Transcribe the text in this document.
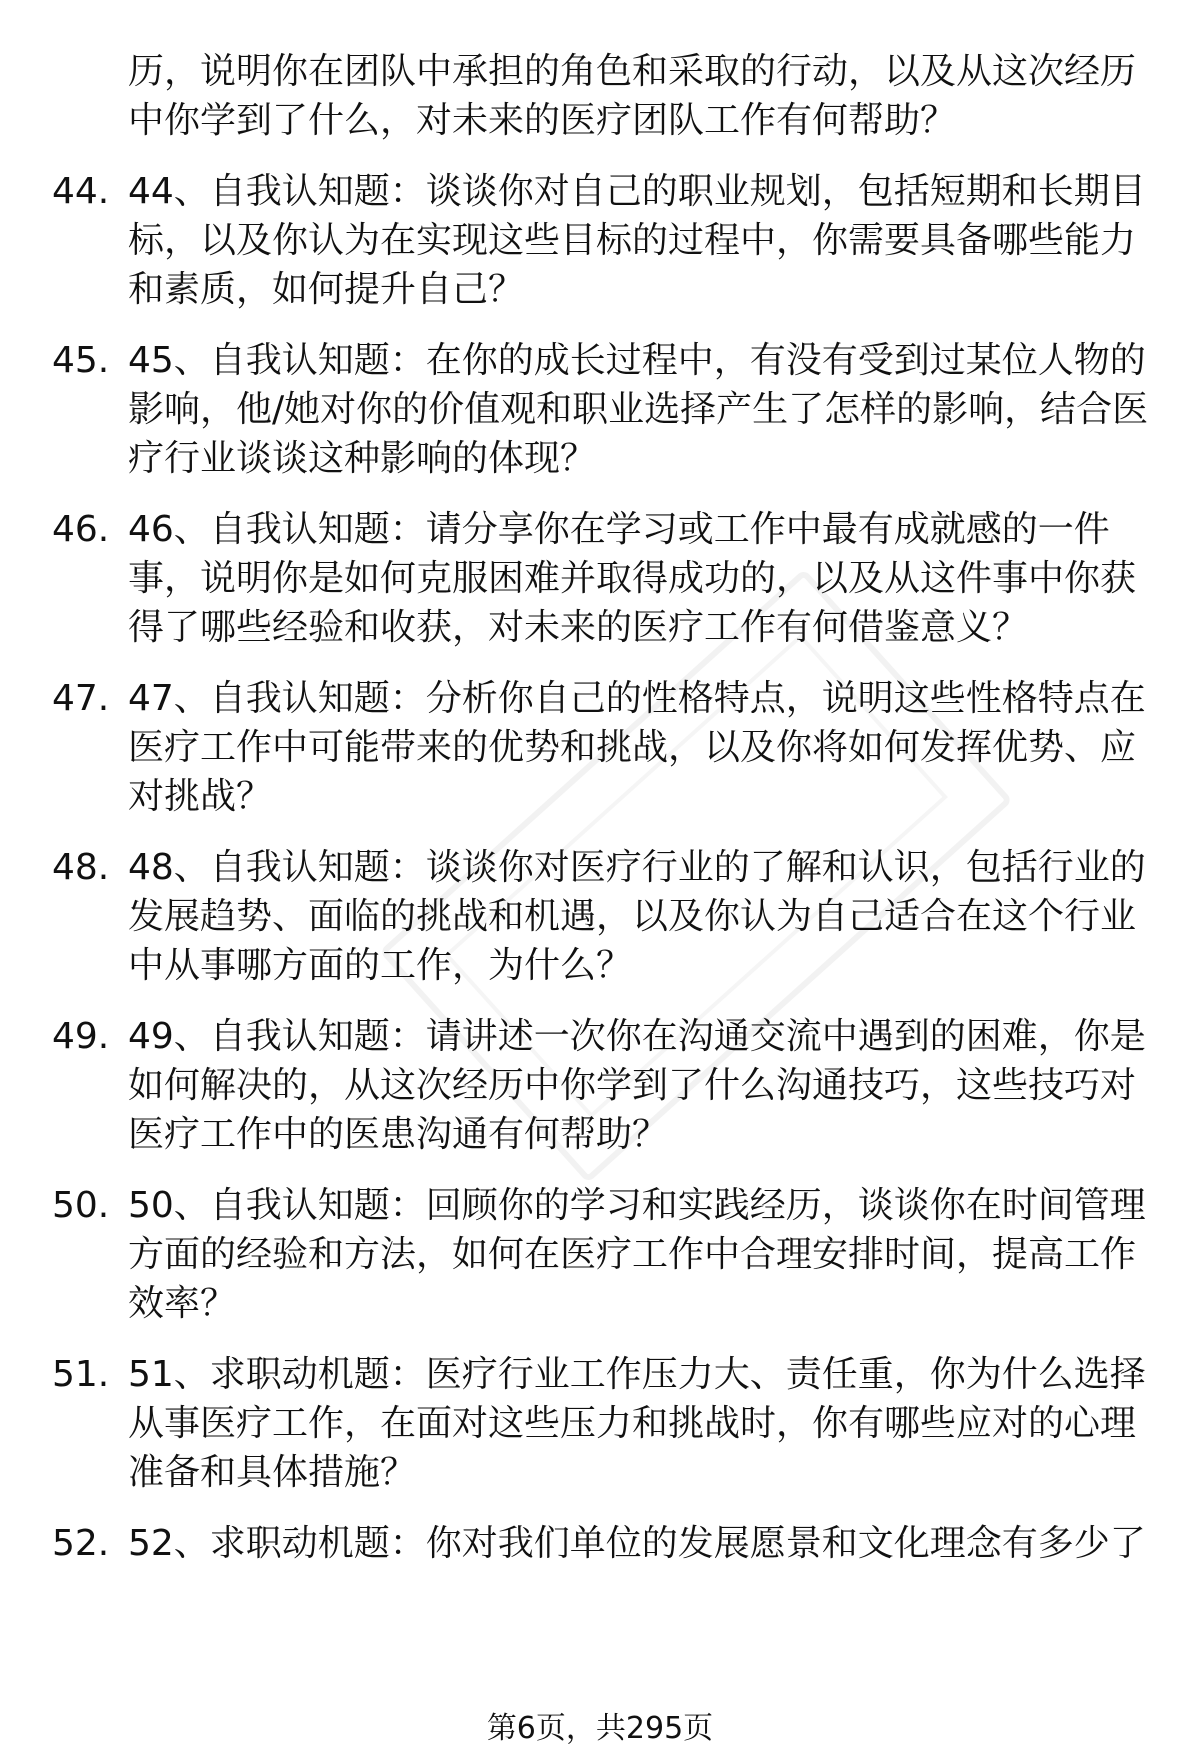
历，说明你在团队中承担的角色和采取的行动，以及从这次经历
中你学到了什么，对未来的医疗团队工作有何帮助？
44. 44、自我认知题：谈谈你对自己的职业规划，包括短期和长期目
标，以及你认为在实现这些目标的过程中，你需要具备哪些能力
和素质，如何提升自己？
45. 45、自我认知题：在你的成长过程中，有没有受到过某位人物的
影响，他/她对你的价值观和职业选择产生了怎样的影响，结合医
疗行业谈谈这种影响的体现？
46. 46、自我认知题：请分享你在学习或工作中最有成就感的一件
事，说明你是如何克服困难并取得成功的，以及从这件事中你获
得了哪些经验和收获，对未来的医疗工作有何借鉴意义？
47. 47、自我认知题：分析你自己的性格特点，说明这些性格特点在
医疗工作中可能带来的优势和挑战，以及你将如何发挥优势、应
对挑战？
48. 48、自我认知题：谈谈你对医疗行业的了解和认识，包括行业的
发展趋势、面临的挑战和机遇，以及你认为自己适合在这个行业
中从事哪方面的工作，为什么？
49. 49、自我认知题：请讲述一次你在沟通交流中遇到的困难，你是
如何解决的，从这次经历中你学到了什么沟通技巧，这些技巧对
医疗工作中的医患沟通有何帮助？
50. 50、自我认知题：回顾你的学习和实践经历，谈谈你在时间管理
方面的经验和方法，如何在医疗工作中合理安排时间，提高工作
效率？
51. 51、求职动机题：医疗行业工作压力大、责任重，你为什么选择
从事医疗工作，在面对这些压力和挑战时，你有哪些应对的心理
准备和具体措施？
52. 52、求职动机题：你对我们单位的发展愿景和文化理念有多少了
第6页，共295页
